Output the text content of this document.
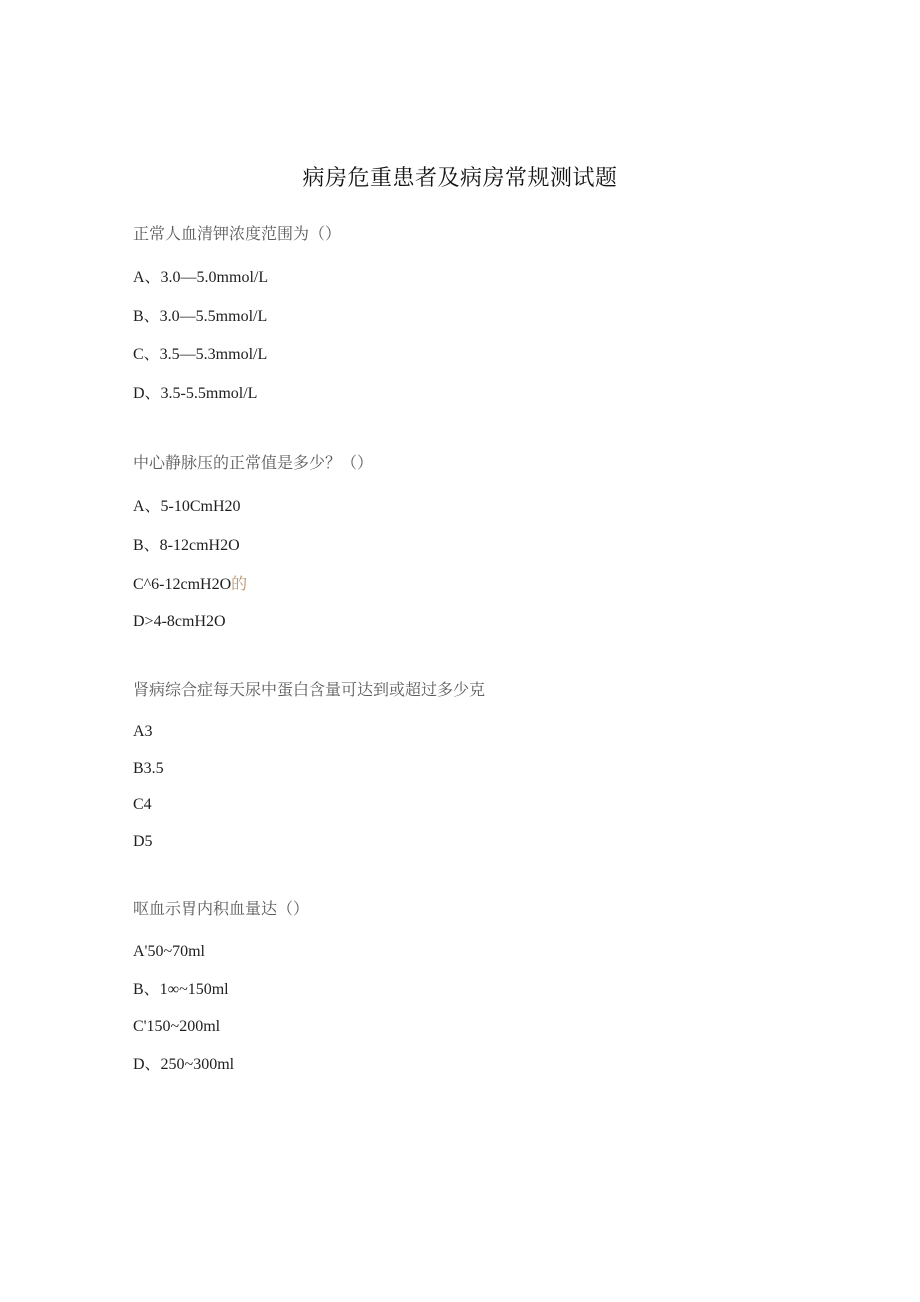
病房危重患者及病房常规测试题
正常人血清钾浓度范围为（）
A、3.0—5.0mmol/L
B、3.0—5.5mmol/L
C、3.5—5.3mmol/L
D、3.5-5.5mmol/L
中心静脉压的正常值是多少？（）
A、5-10CmH20
B、8-12cmH2O
C^6-12cmH2O的
D>4-8cmH2O
肾病综合症每天尿中蛋白含量可达到或超过多少克
A3
B3.5
C4
D5
呕血示胃内积血量达（）
A'50~70ml
B、1∞~150ml
C'150~200ml
D、250~300ml
